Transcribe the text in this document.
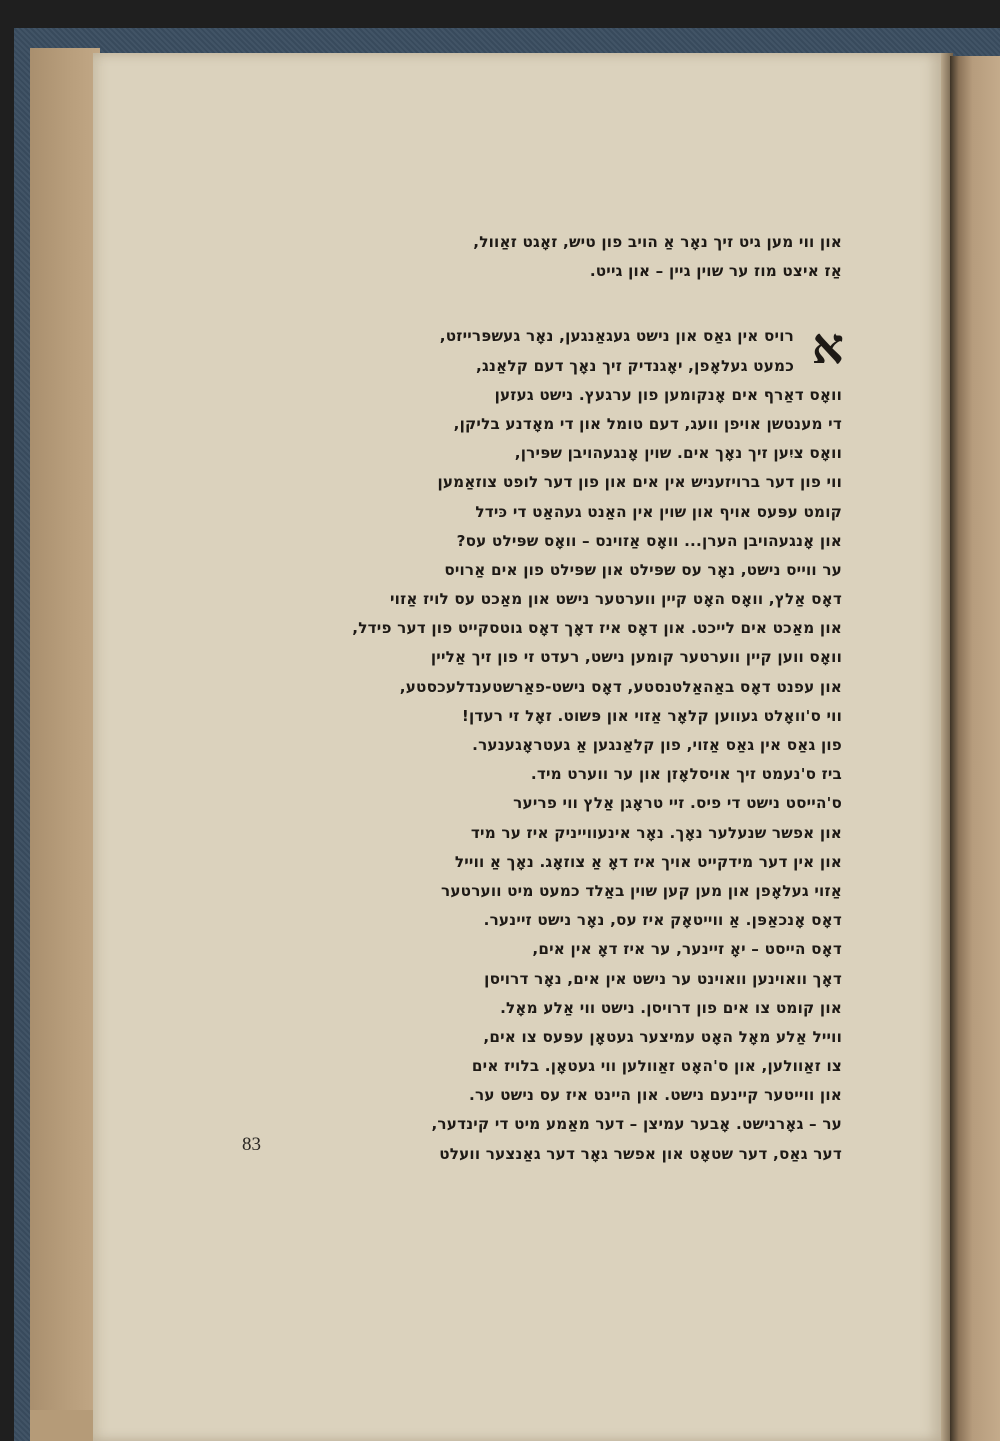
און ווי מען גיט זיך נאָר אַ הויב פון טיש, זאָגט זאַוול,
אַז איצט מוז ער שוין גיין – און גייט.
א
רויס אין גאַס און נישט געגאַנגען, נאָר געשפּרייזט,
כמעט געלאָפן, יאָגנדיק זיך נאָך דעם קלאַנג,
וואָס דאַרף אים אָנקומען פון ערגעץ. נישט געזען
די מענטשן אויפן וועג, דעם טומל און די מאָדנע בליקן,
וואָס ציִען זיך נאָך אים. שוין אָנגעהויבן שפּירן,
ווי פון דער ברויזעניש אין אים און פון דער לופט צוזאַמען
קומט עפּעס אויף און שוין אין האַנט געהאַט די כּידל
און אָנגעהויבן הערן... וואָס אַזוינס – וואָס שפּילט עס?
ער ווייס נישט, נאָר עס שפּילט און שפּילט פון אים אַרויס
דאָס אַלץ, וואָס האָט קיין ווערטער נישט און מאַכט עס לויז אַזוי
און מאַכט אים לייכט. און דאָס איז דאָך דאָס גוטסקייט פון דער פידל,
וואָס ווען קיין ווערטער קומען נישט, רעדט זי פון זיך אַליין
און עפנט דאָס באַהאַלטנסטע, דאָס נישט-פאַרשטענדלעכסטע,
ווי ס'וואָלט געווען קלאָר אַזוי און פּשוט. זאָל זי רעדן!
פון גאַס אין גאַס אַזוי, פון קלאַנגען אַ געטראָגענער.
ביז ס'נעמט זיך אויסלאָזן און ער ווערט מיד.
ס'הייסט נישט די פיס. זיי טראָגן אַלץ ווי פריער
און אפשר שנעלער נאָך. נאָר אינעווייניק איז ער מיד
און אין דער מידקייט אויך איז דאָ אַ צוזאָג. נאָך אַ ווייל
אַזוי געלאָפן און מען קען שוין באַלד כמעט מיט ווערטער
דאָס אָנכאַפּן. אַ ווייטאָק איז עס, נאָר נישט זיינער.
דאָס הייסט – יאָ זיינער, ער איז דאָ אין אים,
דאָך וואוינען וואוינט ער נישט אין אים, נאָר דרויסן
און קומט צו אים פון דרויסן. נישט ווי אַלע מאָל.
ווייל אַלע מאָל האָט עמיצער געטאָן עפּעס צו אים,
צו זאַוולען, און ס'האָט זאַוולען ווי געטאָן. בלויז אים
און ווייטער קיינעם נישט. און היינט איז עס נישט ער.
ער – גאָרנישט. אָבער עמיצן – דער מאַמע מיט די קינדער,
דער גאַס, דער שטאָט און אפשר גאָר דער גאַנצער וועלט
83
